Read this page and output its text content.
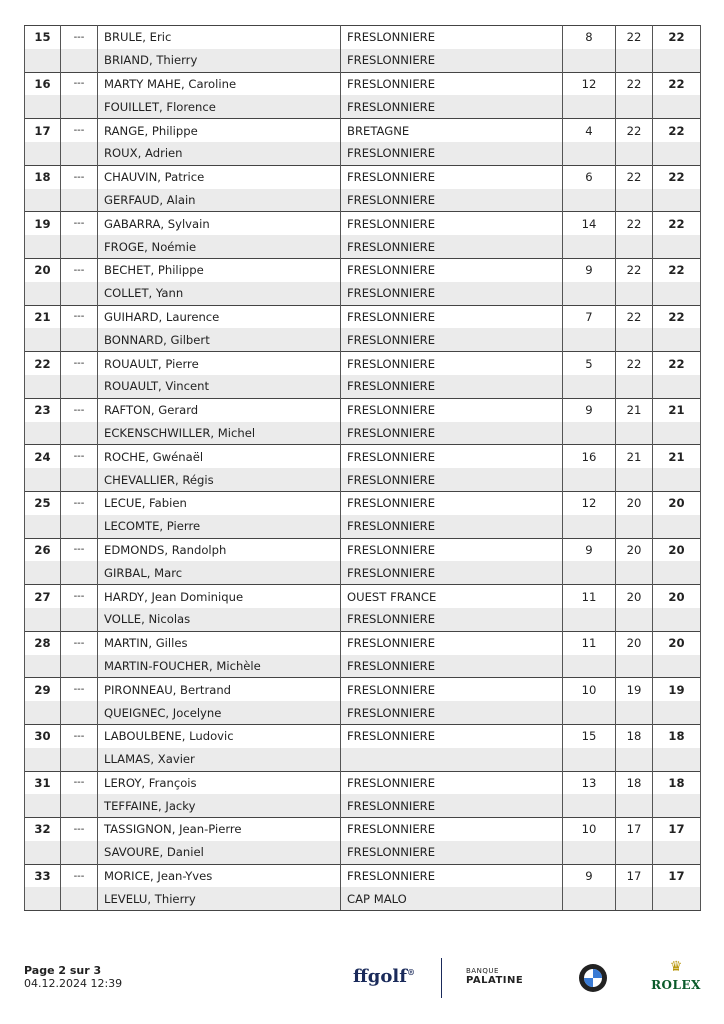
15	---	BRULE, Eric	FRESLONNIERE	8	22	22
		BRIAND, Thierry	FRESLONNIERE			
16	---	MARTY MAHE, Caroline	FRESLONNIERE	12	22	22
		FOUILLET, Florence	FRESLONNIERE			
17	---	RANGE, Philippe	BRETAGNE	4	22	22
		ROUX, Adrien	FRESLONNIERE			
18	---	CHAUVIN, Patrice	FRESLONNIERE	6	22	22
		GERFAUD, Alain	FRESLONNIERE			
19	---	GABARRA, Sylvain	FRESLONNIERE	14	22	22
		FROGE, Noémie	FRESLONNIERE			
20	---	BECHET, Philippe	FRESLONNIERE	9	22	22
		COLLET, Yann	FRESLONNIERE			
21	---	GUIHARD, Laurence	FRESLONNIERE	7	22	22
		BONNARD, Gilbert	FRESLONNIERE			
22	---	ROUAULT, Pierre	FRESLONNIERE	5	22	22
		ROUAULT, Vincent	FRESLONNIERE			
23	---	RAFTON, Gerard	FRESLONNIERE	9	21	21
		ECKENSCHWILLER, Michel	FRESLONNIERE			
24	---	ROCHE, Gwénaël	FRESLONNIERE	16	21	21
		CHEVALLIER, Régis	FRESLONNIERE			
25	---	LECUE, Fabien	FRESLONNIERE	12	20	20
		LECOMTE, Pierre	FRESLONNIERE			
26	---	EDMONDS, Randolph	FRESLONNIERE	9	20	20
		GIRBAL, Marc	FRESLONNIERE			
27	---	HARDY, Jean Dominique	OUEST FRANCE	11	20	20
		VOLLE, Nicolas	FRESLONNIERE			
28	---	MARTIN, Gilles	FRESLONNIERE	11	20	20
		MARTIN-FOUCHER, Michèle	FRESLONNIERE			
29	---	PIRONNEAU, Bertrand	FRESLONNIERE	10	19	19
		QUEIGNEC, Jocelyne	FRESLONNIERE			
30	---	LABOULBENE, Ludovic	FRESLONNIERE	15	18	18
		LLAMAS, Xavier				
31	---	LEROY, François	FRESLONNIERE	13	18	18
		TEFFAINE, Jacky	FRESLONNIERE			
32	---	TASSIGNON, Jean-Pierre	FRESLONNIERE	10	17	17
		SAVOURE, Daniel	FRESLONNIERE			
33	---	MORICE, Jean-Yves	FRESLONNIERE	9	17	17
		LEVELU, Thierry	CAP MALO			
Page 2 sur 3
04.12.2024 12:39	ffgolf®	BANQUE
PALATINE
♛
ROLEX
